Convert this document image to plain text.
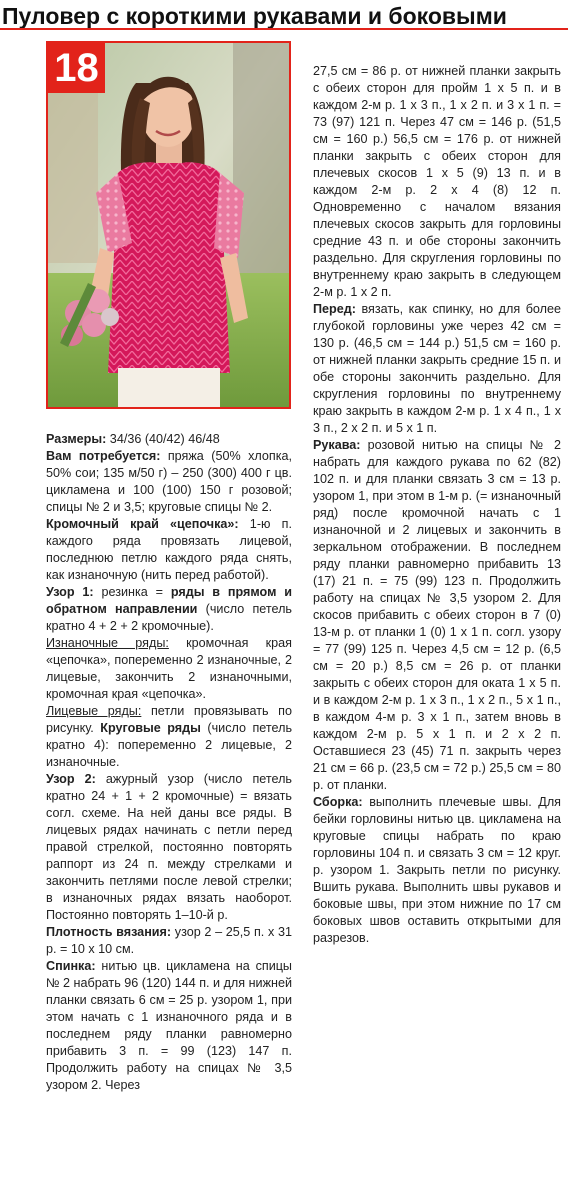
Пуловер с короткими рукавами и боковыми
18

Размеры: 34/36 (40/42) 46/48

Вам потребуется: пряжа (50% хлопка, 50% сои; 135 м/50 г) – 250 (300) 400 г цв. цикламена и 100 (100) 150 г розовой; спицы № 2 и 3,5; круговые спицы № 2.

Кромочный край «цепочка»: 1-ю п. каждого ряда провязать лицевой, последнюю петлю каждого ряда снять, как изнаночную (нить перед работой).

Узор 1: резинка = ряды в прямом и обратном направлении (число петель кратно 4 + 2 + 2 кромочные).

Изнаночные ряды: кромочная края «цепочка», попеременно 2 изнаночные, 2 лицевые, закончить 2 изнаночными, кромочная края «цепочка».

Лицевые ряды: петли провязывать по рисунку. Круговые ряды (число петель кратно 4): попеременно 2 лицевые, 2 изнаночные.

Узор 2: ажурный узор (число петель кратно 24 + 1 + 2 кромочные) = вязать согл. схеме. На ней даны все ряды. В лицевых рядах начинать с петли перед правой стрелкой, постоянно повторять раппорт из 24 п. между стрелками и закончить петлями после левой стрелки; в изнаночных рядах вязать наоборот. Постоянно повторять 1–10-й р.

Плотность вязания: узор 2 – 25,5 п. х 31 р. = 10 х 10 см.

Спинка: нитью цв. цикламена на спицы № 2 набрать 96 (120) 144 п. и для нижней планки связать 6 см = 25 р. узором 1, при этом начать с 1 изнаночного ряда и в последнем ряду планки равномерно прибавить 3 п. = 99 (123) 147 п. Продолжить работу на спицах № 3,5 узором 2. Через

27,5 см = 86 р. от нижней планки закрыть с обеих сторон для пройм 1 х 5 п. и в каждом 2-м р. 1 х 3 п., 1 х 2 п. и 3 х 1 п. = 73 (97) 121 п. Через 47 см = 146 р. (51,5 см = 160 р.) 56,5 см = 176 р. от нижней планки закрыть с обеих сторон для плечевых скосов 1 х 5 (9) 13 п. и в каждом 2-м р. 2 х 4 (8) 12 п. Одновременно с началом вязания плечевых скосов закрыть для горловины средние 43 п. и обе стороны закончить раздельно. Для скругления горловины по внутреннему краю закрыть в следующем 2-м р. 1 х 2 п.

Перед: вязать, как спинку, но для более глубокой горловины уже через 42 см = 130 р. (46,5 см = 144 р.) 51,5 см = 160 р. от нижней планки закрыть средние 15 п. и обе стороны закончить раздельно. Для скругления горловины по внутреннему краю закрыть в каждом 2-м р. 1 х 4 п., 1 х 3 п., 2 х 2 п. и 5 х 1 п.

Рукава: розовой нитью на спицы № 2 набрать для каждого рукава по 62 (82) 102 п. и для планки связать 3 см = 13 р. узором 1, при этом в 1-м р. (= изнаночный ряд) после кромочной начать с 1 изнаночной и 2 лицевых и закончить в зеркальном отображении. В последнем ряду планки равномерно прибавить 13 (17) 21 п. = 75 (99) 123 п. Продолжить работу на спицах № 3,5 узором 2. Для скосов прибавить с обеих сторон в 7 (0) 13-м р. от планки 1 (0) 1 х 1 п. согл. узору = 77 (99) 125 п. Через 4,5 см = 12 р. (6,5 см = 20 р.) 8,5 см = 26 р. от планки закрыть с обеих сторон для оката 1 х 5 п. и в каждом 2-м р. 1 х 3 п., 1 х 2 п., 5 х 1 п., в каждом 4-м р. 3 х 1 п., затем вновь в каждом 2-м р. 5 х 1 п. и 2 х 2 п. Оставшиеся 23 (45) 71 п. закрыть через 21 см = 66 р. (23,5 см = 72 р.) 25,5 см = 80 р. от планки.

Сборка: выполнить плечевые швы. Для бейки горловины нитью цв. цикламена на круговые спицы набрать по краю горловины 104 п. и связать 3 см = 12 круг. р. узором 1. Закрыть петли по рисунку. Вшить рукава. Выполнить швы рукавов и боковые швы, при этом нижние по 17 см боковых швов оставить открытыми для разрезов.
